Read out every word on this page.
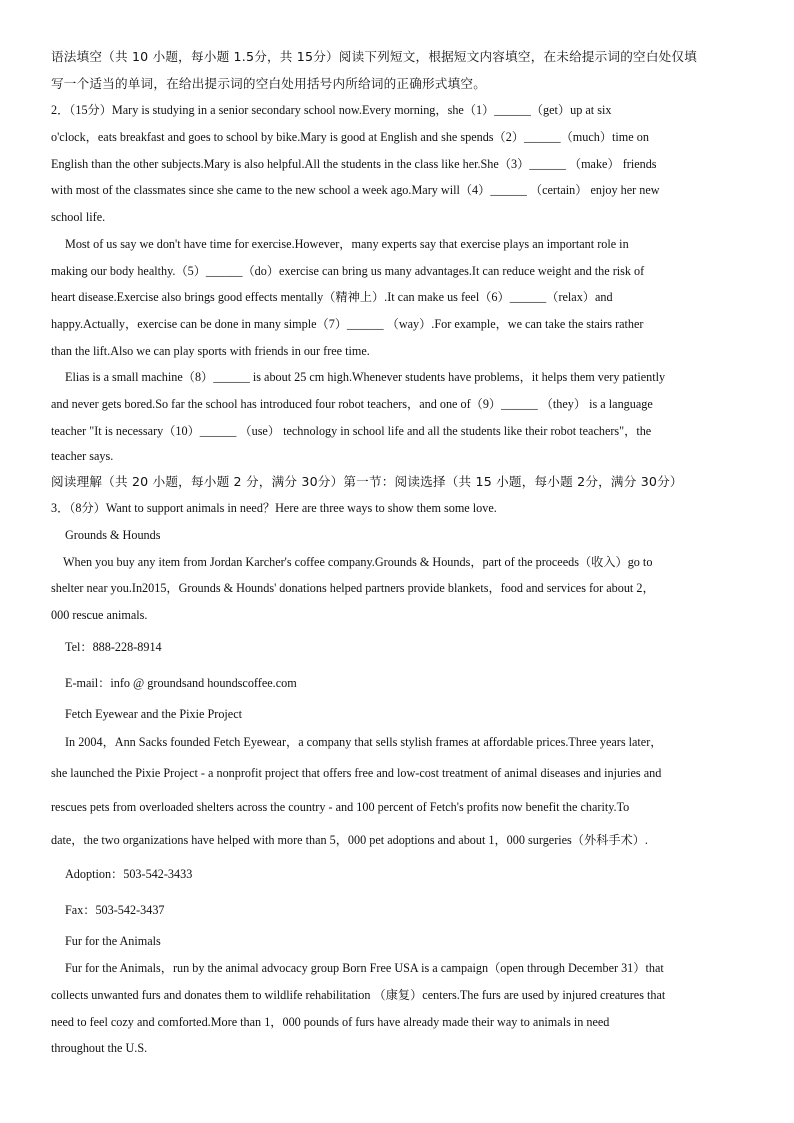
语法填空（共 10 小题，每小题 1.5分，共 15分）阅读下列短文，根据短文内容填空，在未给提示词的空白处仅填
写一个适当的单词，在给出提示词的空白处用括号内所给词的正确形式填空。
2．（15分）Mary is studying in a senior secondary school now.Every morning，she（1）______（get）up at six
o'clock，eats breakfast and goes to school by bike.Mary is good at English and she spends（2）______（much）time on
English than the other subjects.Mary is also helpful.All the students in the class like her.She（3）______ （make） friends
with most of the classmates since she came to the new school a week ago.Mary will（4）______ （certain） enjoy her new
school life.
Most of us say we don't have time for exercise.However，many experts say that exercise plays an important role in
making our body healthy.（5）______（do）exercise can bring us many advantages.It can reduce weight and the risk of
heart disease.Exercise also brings good effects mentally（精神上）.It can make us feel（6）______（relax）and
happy.Actually，exercise can be done in many simple（7）______ （way）.For example，we can take the stairs rather
than the lift.Also we can play sports with friends in our free time.
Elias is a small machine（8）______ is about 25 cm high.Whenever students have problems，it helps them very patiently
and never gets bored.So far the school has introduced four robot teachers，and one of（9）______ （they） is a language
teacher "It is necessary（10）______ （use） technology in school life and all the students like their robot teachers"，the
teacher says.
阅读理解（共 20 小题，每小题 2 分，满分 30分）第一节：阅读选择（共 15 小题，每小题 2分，满分 30分）
3．（8分）Want to support animals in need？Here are three ways to show them some love.
Grounds & Hounds
When you buy any item from Jordan Karcher's coffee company.Grounds & Hounds，part of the proceeds（收入）go to
shelter near you.In2015，Grounds & Hounds' donations helped partners provide blankets，food and services for about 2，
000 rescue animals.
Tel：888-228-8914
E-mail：info @ groundsand houndscoffee.com
Fetch Eyewear and the Pixie Project
In 2004，Ann Sacks founded Fetch Eyewear，a company that sells stylish frames at affordable prices.Three years later，
she launched the Pixie Project - a nonprofit project that offers free and low-cost treatment of animal diseases and injuries and
rescues pets from overloaded shelters across the country - and 100 percent of Fetch's profits now benefit the charity.To
date，the two organizations have helped with more than 5，000 pet adoptions and about 1，000 surgeries（外科手术）.
Adoption：503-542-3433
Fax：503-542-3437
Fur for the Animals
Fur for the Animals，run by the animal advocacy group Born Free USA is a campaign（open through December 31）that
collects unwanted furs and donates them to wildlife rehabilitation （康复）centers.The furs are used by injured creatures that
need to feel cozy and comforted.More than 1，000 pounds of furs have already made their way to animals in need
throughout the U.S.
